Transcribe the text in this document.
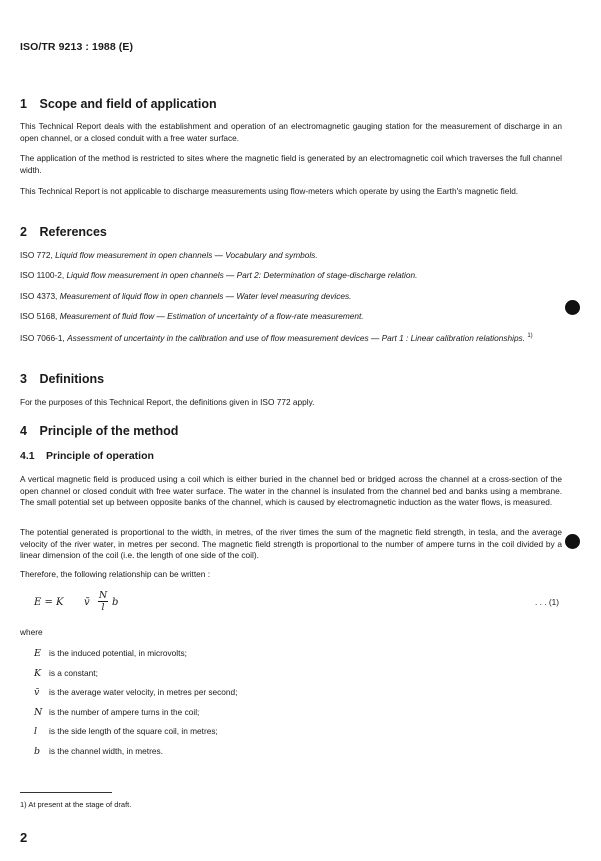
ISO/TR 9213 : 1988 (E)
1 Scope and field of application
This Technical Report deals with the establishment and operation of an electromagnetic gauging station for the measurement of discharge in an open channel, or a closed conduit with a free water surface.
The application of the method is restricted to sites where the magnetic field is generated by an electromagnetic coil which traverses the full channel width.
This Technical Report is not applicable to discharge measurements using flow-meters which operate by using the Earth's magnetic field.
2 References
ISO 772, Liquid flow measurement in open channels — Vocabulary and symbols.
ISO 1100-2, Liquid flow measurement in open channels — Part 2: Determination of stage-discharge relation.
ISO 4373, Measurement of liquid flow in open channels — Water level measuring devices.
ISO 5168, Measurement of fluid flow — Estimation of uncertainty of a flow-rate measurement.
ISO 7066-1, Assessment of uncertainty in the calibration and use of flow measurement devices — Part 1 : Linear calibration relationships. $^{1)}$
3 Definitions
For the purposes of this Technical Report, the definitions given in ISO 772 apply.
4 Principle of the method
4.1 Principle of operation
A vertical magnetic field is produced using a coil which is either buried in the channel bed or bridged across the channel at a cross-section of the open channel or closed conduit with free water surface. The water in the channel is insulated from the channel bed and banks using a membrane. The small potential set up between opposite banks of the channel, which is caused by electromagnetic induction as the water flows, is measured.
The potential generated is proportional to the width, in metres, of the river times the sum of the magnetic field strength, in tesla, and the average velocity of the river water, in metres per second. The magnetic field strength is proportional to the number of ampere turns in the coil divided by a linear dimension of the coil (i.e. the length of one side of the coil).
Therefore, the following relationship can be written :
E = K v̄
N
l b	. . . (1)
where
E is the induced potential, in microvolts;
K is a constant;
v̄ is the average water velocity, in metres per second;
N is the number of ampere turns in the coil;
l is the side length of the square coil, in metres;
b is the channel width, in metres.
1) At present at the stage of draft.
2
